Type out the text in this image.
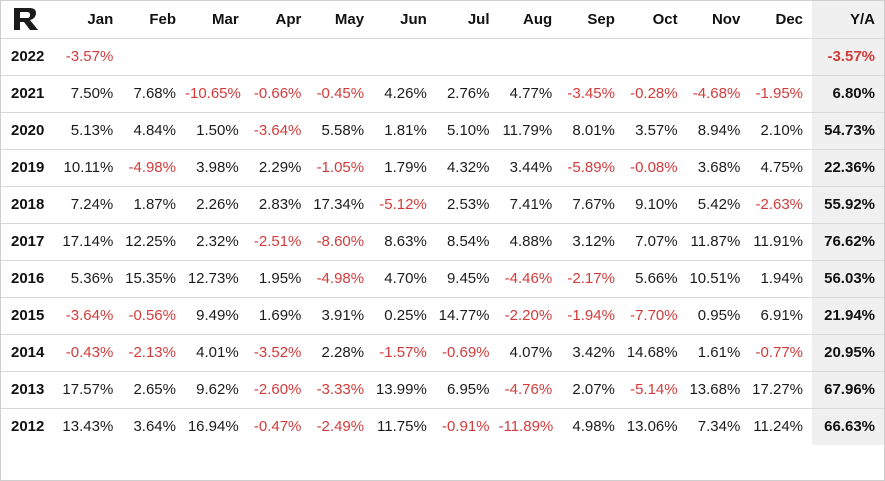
	Jan	Feb	Mar	Apr	May	Jun	Jul	Aug	Sep	Oct	Nov	Dec	Y/A
2022	-3.57%												-3.57%
2021	7.50%	7.68%	-10.65%	-0.66%	-0.45%	4.26%	2.76%	4.77%	-3.45%	-0.28%	-4.68%	-1.95%	6.80%
2020	5.13%	4.84%	1.50%	-3.64%	5.58%	1.81%	5.10%	11.79%	8.01%	3.57%	8.94%	2.10%	54.73%
2019	10.11%	-4.98%	3.98%	2.29%	-1.05%	1.79%	4.32%	3.44%	-5.89%	-0.08%	3.68%	4.75%	22.36%
2018	7.24%	1.87%	2.26%	2.83%	17.34%	-5.12%	2.53%	7.41%	7.67%	9.10%	5.42%	-2.63%	55.92%
2017	17.14%	12.25%	2.32%	-2.51%	-8.60%	8.63%	8.54%	4.88%	3.12%	7.07%	11.87%	11.91%	76.62%
2016	5.36%	15.35%	12.73%	1.95%	-4.98%	4.70%	9.45%	-4.46%	-2.17%	5.66%	10.51%	1.94%	56.03%
2015	-3.64%	-0.56%	9.49%	1.69%	3.91%	0.25%	14.77%	-2.20%	-1.94%	-7.70%	0.95%	6.91%	21.94%
2014	-0.43%	-2.13%	4.01%	-3.52%	2.28%	-1.57%	-0.69%	4.07%	3.42%	14.68%	1.61%	-0.77%	20.95%
2013	17.57%	2.65%	9.62%	-2.60%	-3.33%	13.99%	6.95%	-4.76%	2.07%	-5.14%	13.68%	17.27%	67.96%
2012	13.43%	3.64%	16.94%	-0.47%	-2.49%	11.75%	-0.91%	-11.89%	4.98%	13.06%	7.34%	11.24%	66.63%
